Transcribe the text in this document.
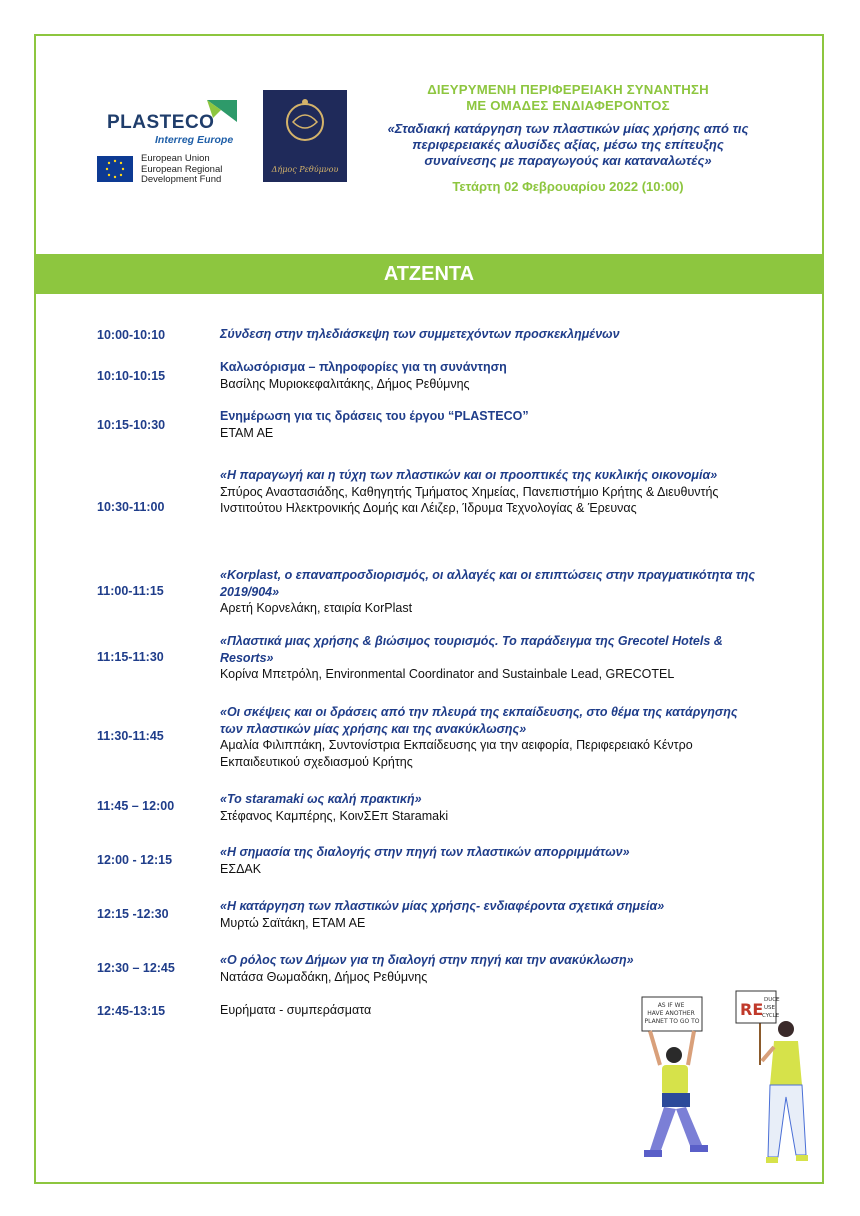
PLASTECO
Interreg Europe
European Union
European Regional
Development Fund
Δήμος Ρεθύμνου
ΔΙΕΥΡΥΜΕΝΗ ΠΕΡΙΦΕΡΕΙΑΚΗ ΣΥΝΑΝΤΗΣΗ
ΜΕ ΟΜΑΔΕΣ ΕΝΔΙΑΦΕΡΟΝΤΟΣ
«Σταδιακή κατάργηση των πλαστικών μίας χρήσης από τις περιφερειακές αλυσίδες αξίας, μέσω της επίτευξης συναίνεσης με παραγωγούς και καταναλωτές»
Τετάρτη 02 Φεβρουαρίου 2022 (10:00)
ΑΤΖΕΝΤΑ
10:00-10:10	Σύνδεση στην τηλεδιάσκεψη των συμμετεχόντων προσκεκλημένων
10:10-10:15
Καλωσόρισμα – πληροφορίες για τη συνάντηση
Βασίλης Μυριοκεφαλιτάκης, Δήμος Ρεθύμνης
10:15-10:30
Ενημέρωση για τις δράσεις του έργου “PLASTECO”
ΕΤΑΜ ΑΕ
10:30-11:00
«Η παραγωγή και η τύχη των πλαστικών και οι προοπτικές της κυκλικής οικονομία»
Σπύρος Αναστασιάδης, Καθηγητής Τμήματος Χημείας, Πανεπιστήμιο Κρήτης & Διευθυντής Ινστιτούτου Ηλεκτρονικής Δομής και Λέιζερ, Ίδρυμα Τεχνολογίας & Έρευνας
11:00-11:15
«Korplast, ο επαναπροσδιορισμός, οι αλλαγές και οι επιπτώσεις στην πραγματικότητα της 2019/904»
Αρετή Κορνελάκη, εταιρία KorPlast
11:15-11:30
«Πλαστικά μιας χρήσης & βιώσιμος τουρισμός. Το παράδειγμα της Grecotel Hotels & Resorts»
Κορίνα Μπετρόλη, Environmental Coordinator and Sustainbale Lead, GRECOTEL
11:30-11:45
«Οι σκέψεις και οι δράσεις από την πλευρά της εκπαίδευσης, στο θέμα της κατάργησης των πλαστικών μίας χρήσης και της ανακύκλωσης»
Αμαλία Φιλιππάκη, Συντονίστρια Εκπαίδευσης για την αειφορία, Περιφερειακό Κέντρο Εκπαιδευτικού σχεδιασμού Κρήτης
11:45 – 12:00	«Το staramaki ως καλή πρακτική»
Στέφανος Καμπέρης, ΚοινΣΕπ Staramaki
12:00 - 12:15
«Η σημασία της διαλογής στην πηγή των πλαστικών απορριμμάτων»
ΕΣΔΑΚ
12:15 -12:30
«Η κατάργηση των πλαστικών μίας χρήσης- ενδιαφέροντα σχετικά σημεία»
Μυρτώ Σαϊτάκη, ΕΤΑΜ ΑΕ
12:30 – 12:45
«Ο ρόλος των Δήμων για τη διαλογή στην πηγή και την ανακύκλωση»
Νατάσα Θωμαδάκη, Δήμος Ρεθύμνης
12:45-13:15	Ευρήματα - συμπεράσματα	AS IF WE HAVE ANOTHER PLANET TO GO TO
RE DUCE
USE
CYCLE
